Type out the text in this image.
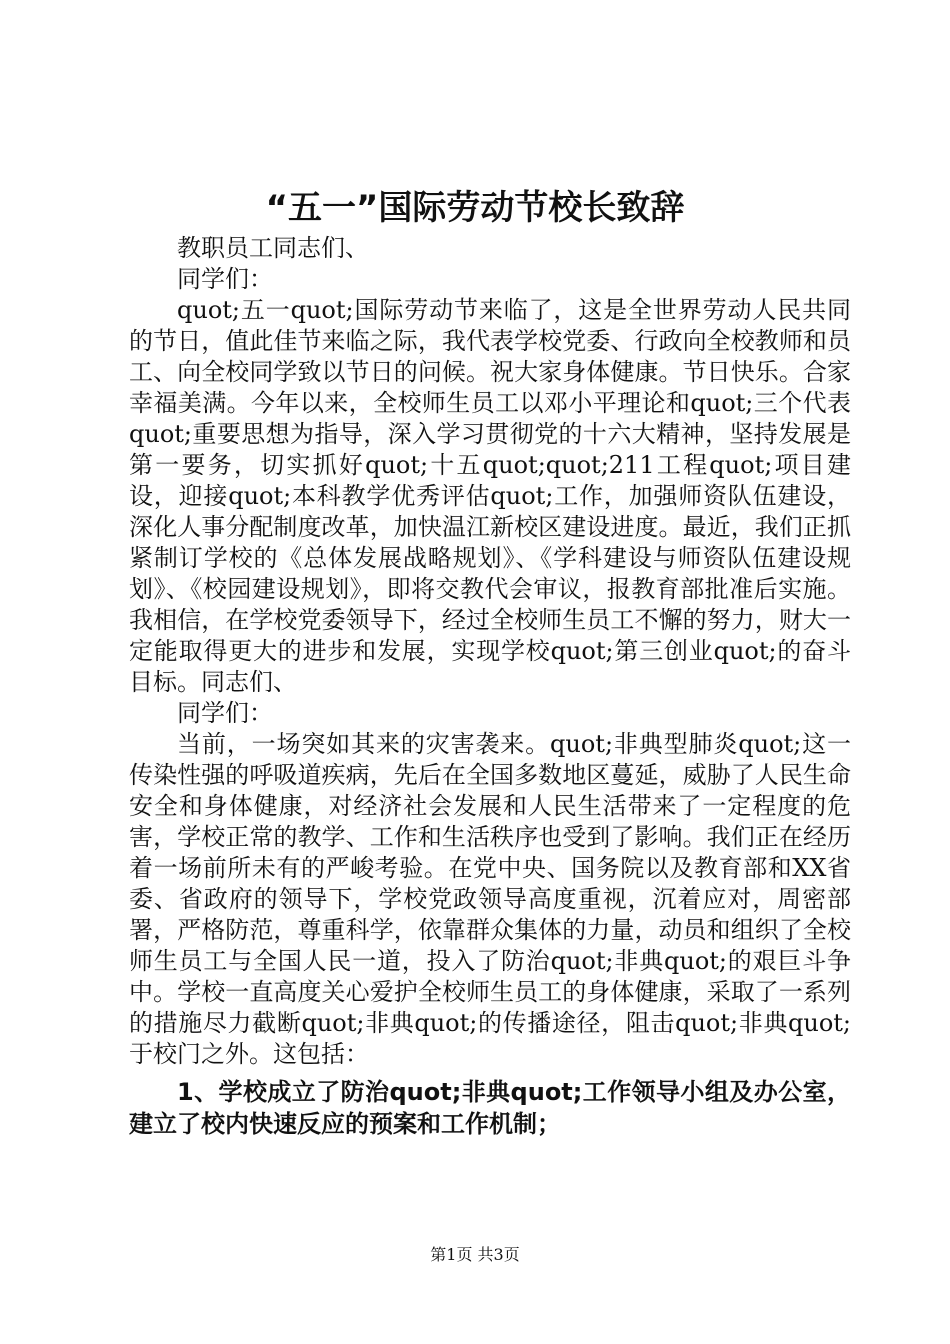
“五一”国际劳动节校长致辞

教职员工同志们、

同学们：

quot;五一quot;国际劳动节来临了，这是全世界劳动人民共同的节日，值此佳节来临之际，我代表学校党委、行政向全校教师和员工、向全校同学致以节日的问候。祝大家身体健康。节日快乐。合家幸福美满。今年以来，全校师生员工以邓小平理论和quot;三个代表quot;重要思想为指导，深入学习贯彻党的十六大精神，坚持发展是第一要务，切实抓好quot;十五quot;quot;211工程quot;项目建设，迎接quot;本科教学优秀评估quot;工作，加强师资队伍建设，深化人事分配制度改革，加快温江新校区建设进度。最近，我们正抓紧制订学校的《总体发展战略规划》、《学科建设与师资队伍建设规划》、《校园建设规划》，即将交教代会审议，报教育部批准后实施。我相信，在学校党委领导下，经过全校师生员工不懈的努力，财大一定能取得更大的进步和发展，实现学校quot;第三创业quot;的奋斗目标。同志们、

同学们：

当前，一场突如其来的灾害袭来。quot;非典型肺炎quot;这一传染性强的呼吸道疾病，先后在全国多数地区蔓延，威胁了人民生命安全和身体健康，对经济社会发展和人民生活带来了一定程度的危害，学校正常的教学、工作和生活秩序也受到了影响。我们正在经历着一场前所未有的严峻考验。在党中央、国务院以及教育部和XX省委、省政府的领导下，学校党政领导高度重视，沉着应对，周密部署，严格防范，尊重科学，依靠群众集体的力量，动员和组织了全校师生员工与全国人民一道，投入了防治quot;非典quot;的艰巨斗争中。学校一直高度关心爱护全校师生员工的身体健康，采取了一系列的措施尽力截断quot;非典quot;的传播途径，阻击quot;非典quot;于校门之外。这包括：

1、学校成立了防治quot;非典quot;工作领导小组及办公室，建立了校内快速反应的预案和工作机制；

第1页 共3页
